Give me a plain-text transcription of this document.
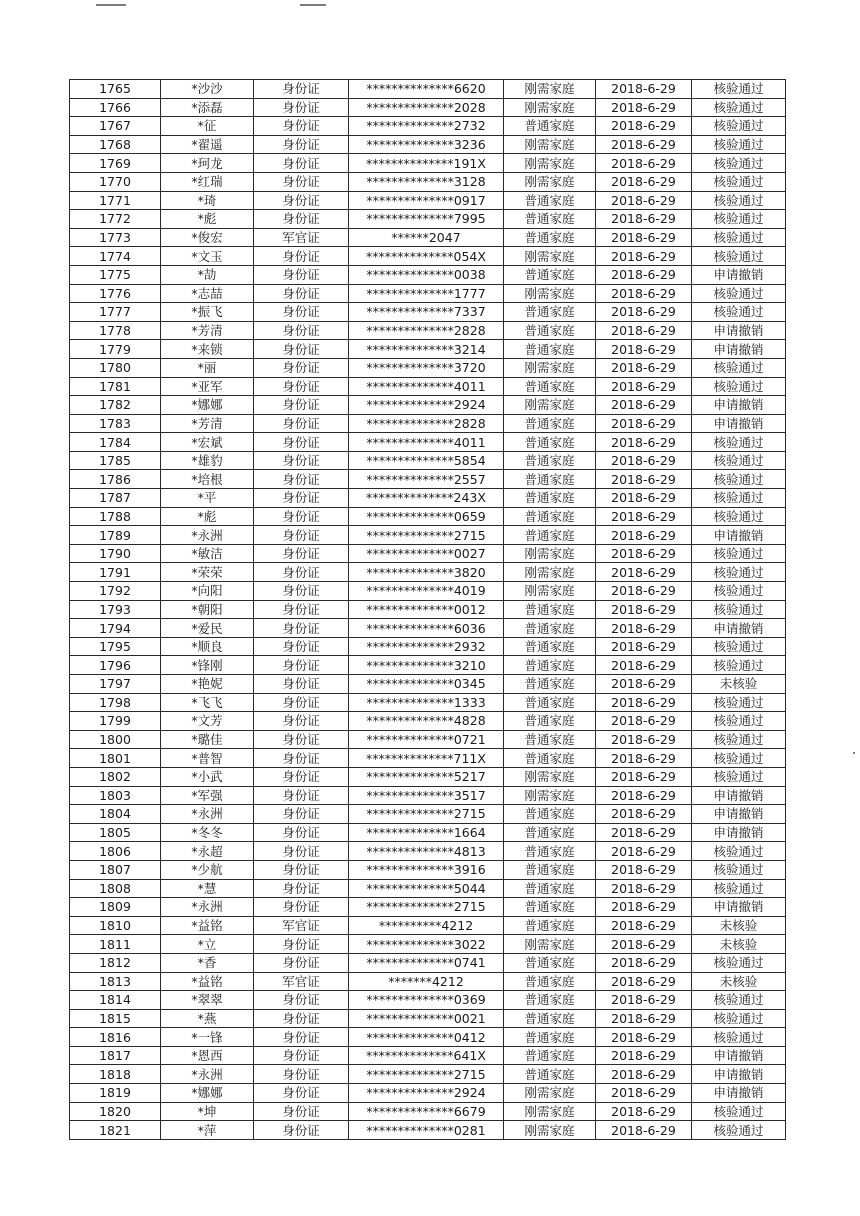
1765	*沙沙	身份证	**************6620	刚需家庭	2018-6-29	核验通过
1766	*添磊	身份证	**************2028	刚需家庭	2018-6-29	核验通过
1767	*征	身份证	**************2732	普通家庭	2018-6-29	核验通过
1768	*翟遥	身份证	**************3236	刚需家庭	2018-6-29	核验通过
1769	*珂龙	身份证	**************191X	刚需家庭	2018-6-29	核验通过
1770	*红瑞	身份证	**************3128	刚需家庭	2018-6-29	核验通过
1771	*琦	身份证	**************0917	普通家庭	2018-6-29	核验通过
1772	*彪	身份证	**************7995	普通家庭	2018-6-29	核验通过
1773	*俊宏	军官证	******2047	普通家庭	2018-6-29	核验通过
1774	*文玉	身份证	**************054X	刚需家庭	2018-6-29	核验通过
1775	*劼	身份证	**************0038	普通家庭	2018-6-29	申请撤销
1776	*志喆	身份证	**************1777	刚需家庭	2018-6-29	核验通过
1777	*振飞	身份证	**************7337	普通家庭	2018-6-29	核验通过
1778	*芳清	身份证	**************2828	普通家庭	2018-6-29	申请撤销
1779	*来锁	身份证	**************3214	普通家庭	2018-6-29	申请撤销
1780	*丽	身份证	**************3720	刚需家庭	2018-6-29	核验通过
1781	*亚军	身份证	**************4011	普通家庭	2018-6-29	核验通过
1782	*娜娜	身份证	**************2924	刚需家庭	2018-6-29	申请撤销
1783	*芳清	身份证	**************2828	普通家庭	2018-6-29	申请撤销
1784	*宏斌	身份证	**************4011	普通家庭	2018-6-29	核验通过
1785	*雄豹	身份证	**************5854	普通家庭	2018-6-29	核验通过
1786	*培根	身份证	**************2557	普通家庭	2018-6-29	核验通过
1787	*平	身份证	**************243X	普通家庭	2018-6-29	核验通过
1788	*彪	身份证	**************0659	普通家庭	2018-6-29	核验通过
1789	*永洲	身份证	**************2715	普通家庭	2018-6-29	申请撤销
1790	*敏洁	身份证	**************0027	刚需家庭	2018-6-29	核验通过
1791	*荣荣	身份证	**************3820	刚需家庭	2018-6-29	核验通过
1792	*向阳	身份证	**************4019	刚需家庭	2018-6-29	核验通过
1793	*朝阳	身份证	**************0012	普通家庭	2018-6-29	核验通过
1794	*爱民	身份证	**************6036	普通家庭	2018-6-29	申请撤销
1795	*顺良	身份证	**************2932	普通家庭	2018-6-29	核验通过
1796	*锋刚	身份证	**************3210	普通家庭	2018-6-29	核验通过
1797	*艳妮	身份证	**************0345	普通家庭	2018-6-29	未核验
1798	*飞飞	身份证	**************1333	普通家庭	2018-6-29	核验通过
1799	*文芳	身份证	**************4828	普通家庭	2018-6-29	核验通过
1800	*璐佳	身份证	**************0721	普通家庭	2018-6-29	核验通过
1801	*普智	身份证	**************711X	普通家庭	2018-6-29	核验通过
1802	*小武	身份证	**************5217	刚需家庭	2018-6-29	核验通过
1803	*军强	身份证	**************3517	刚需家庭	2018-6-29	申请撤销
1804	*永洲	身份证	**************2715	普通家庭	2018-6-29	申请撤销
1805	*冬冬	身份证	**************1664	普通家庭	2018-6-29	申请撤销
1806	*永超	身份证	**************4813	普通家庭	2018-6-29	核验通过
1807	*少航	身份证	**************3916	普通家庭	2018-6-29	核验通过
1808	*慧	身份证	**************5044	普通家庭	2018-6-29	核验通过
1809	*永洲	身份证	**************2715	普通家庭	2018-6-29	申请撤销
1810	*益铭	军官证	**********4212	普通家庭	2018-6-29	未核验
1811	*立	身份证	**************3022	刚需家庭	2018-6-29	未核验
1812	*香	身份证	**************0741	普通家庭	2018-6-29	核验通过
1813	*益铭	军官证	*******4212	普通家庭	2018-6-29	未核验
1814	*翠翠	身份证	**************0369	普通家庭	2018-6-29	核验通过
1815	*燕	身份证	**************0021	普通家庭	2018-6-29	核验通过
1816	*一锋	身份证	**************0412	普通家庭	2018-6-29	核验通过
1817	*恩西	身份证	**************641X	普通家庭	2018-6-29	申请撤销
1818	*永洲	身份证	**************2715	普通家庭	2018-6-29	申请撤销
1819	*娜娜	身份证	**************2924	刚需家庭	2018-6-29	申请撤销
1820	*坤	身份证	**************6679	刚需家庭	2018-6-29	核验通过
1821	*萍	身份证	**************0281	刚需家庭	2018-6-29	核验通过
